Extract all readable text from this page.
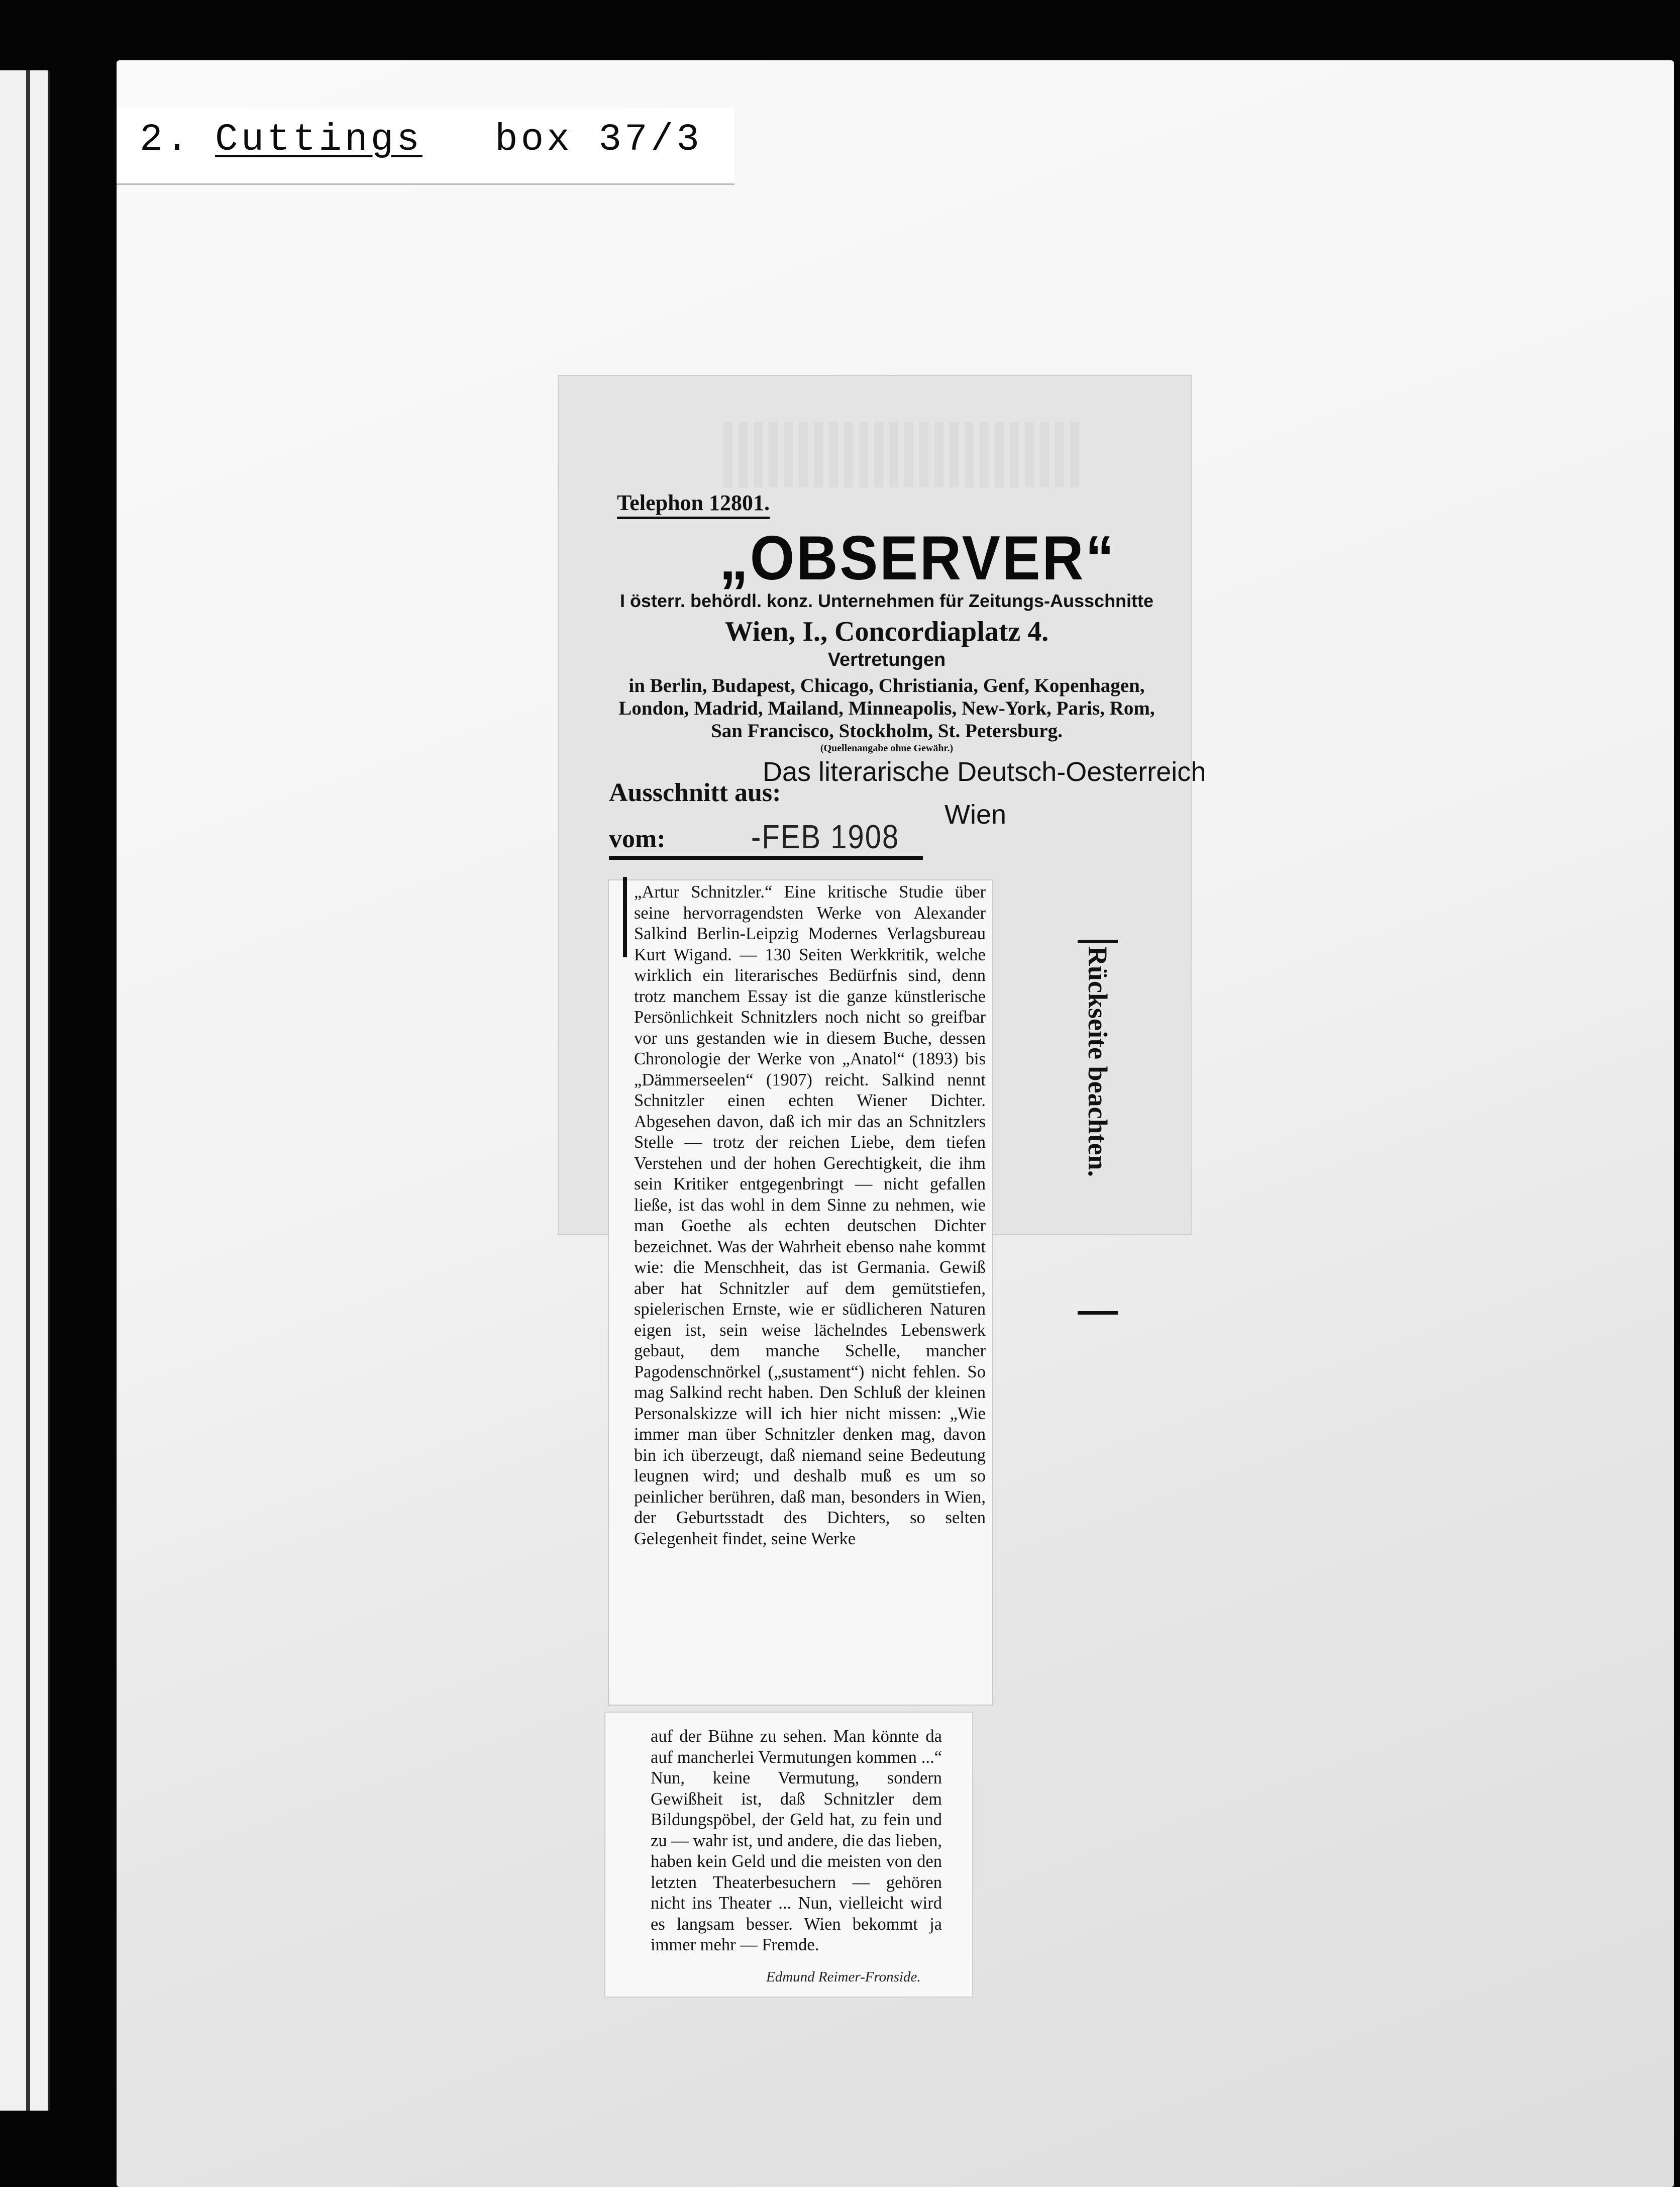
2. Cuttings box 37/3
Telephon 12801.
„OBSERVER“
I österr. behördl. konz. Unternehmen für Zeitungs-Ausschnitte
Wien, I., Concordiaplatz 4.
Vertretungen
in Berlin, Budapest, Chicago, Christiania, Genf, Kopenhagen,
London, Madrid, Mailand, Minneapolis, New-York, Paris, Rom,
San Francisco, Stockholm, St. Petersburg.
(Quellenangabe ohne Gewähr.)
Ausschnitt aus:
Das literarische Deutsch-Oesterreich
Wien
vom:	-FEB 1908
Rückseite beachten.
„Artur Schnitzler.“ Eine kritische Studie über seine hervorragendsten Werke von Alexander Salkind Berlin-Leipzig Modernes Verlagsbureau Kurt Wigand. — 130 Seiten Werkkritik, welche wirklich ein literarisches Bedürfnis sind, denn trotz manchem Essay ist die ganze künstlerische Persönlichkeit Schnitzlers noch nicht so greifbar vor uns gestanden wie in diesem Buche, dessen Chronologie der Werke von „Anatol“ (1893) bis „Dämmerseelen“ (1907) reicht. Salkind nennt Schnitzler einen echten Wiener Dichter. Abgesehen davon, daß ich mir das an Schnitzlers Stelle — trotz der reichen Liebe, dem tiefen Verstehen und der hohen Gerechtigkeit, die ihm sein Kritiker entgegenbringt — nicht gefallen ließe, ist das wohl in dem Sinne zu nehmen, wie man Goethe als echten deutschen Dichter bezeichnet. Was der Wahrheit ebenso nahe kommt wie: die Menschheit, das ist Germania. Gewiß aber hat Schnitzler auf dem gemütstiefen, spielerischen Ernste, wie er südlicheren Naturen eigen ist, sein weise lächelndes Lebenswerk gebaut, dem manche Schelle, mancher Pagodenschnörkel („sustament“) nicht fehlen. So mag Salkind recht haben. Den Schluß der kleinen Personalskizze will ich hier nicht missen: „Wie immer man über Schnitzler denken mag, davon bin ich überzeugt, daß niemand seine Bedeutung leugnen wird; und deshalb muß es um so peinlicher berühren, daß man, besonders in Wien, der Geburtsstadt des Dichters, so selten Gelegenheit findet, seine Werke
auf der Bühne zu sehen. Man könnte da auf mancherlei Vermutungen kommen ...“ Nun, keine Vermutung, sondern Gewißheit ist, daß Schnitzler dem Bildungspöbel, der Geld hat, zu fein und zu — wahr ist, und andere, die das lieben, haben kein Geld und die meisten von den letzten Theaterbesuchern — gehören nicht ins Theater ... Nun, vielleicht wird es langsam besser. Wien bekommt ja immer mehr — Fremde.
Edmund Reimer-Fronside.
